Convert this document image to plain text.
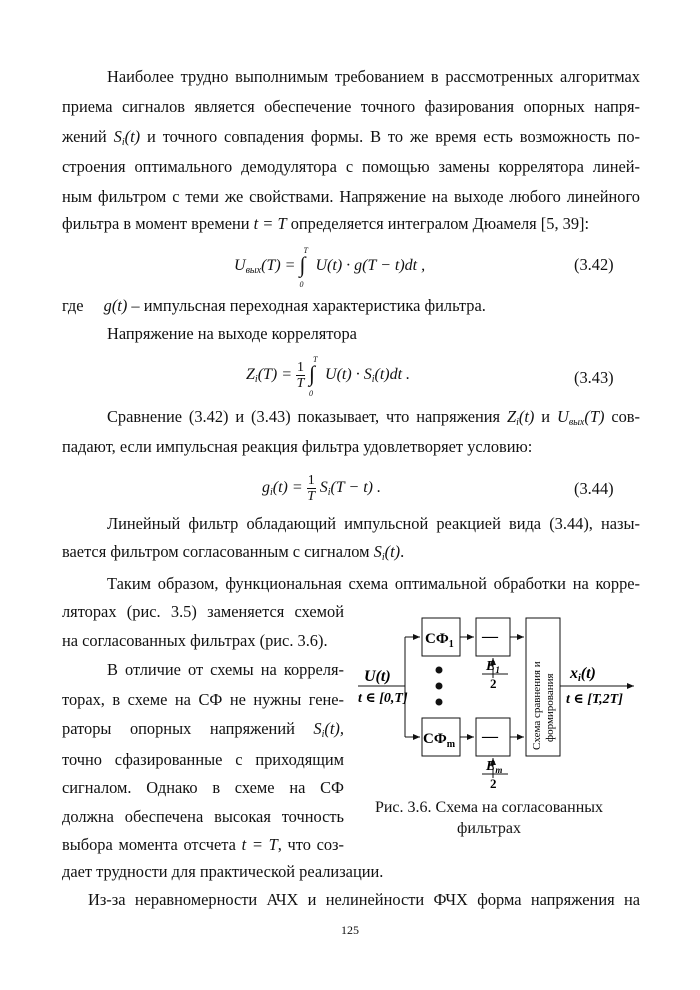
Наиболее трудно выполнимым требованием в рассмотренных алгоритмах
приема сигналов является обеспечение точного фазирования опорных напря-
жений $S_i(t)$ и точного совпадения формы. В то же время есть возможность по-
строения оптимального демодулятора с помощью замены коррелятора линей-
ным фильтром с теми же свойствами. Напряжение на выходе любого линейного
фильтра в момент времени t = T определяется интегралом Дюамеля [5, 39]:
$U_{вых}(T)$ =
T
∫
0
U(t) · g(T − t)dt ,	(3.42)
где g(t) – импульсная переходная характеристика фильтра.
Напряжение на выходе коррелятора
$Z_i(T) = \frac{1}{T}$

T
∫
0
$U(t) \cdot S_i(t)dt$ .	(3.43)
Сравнение (3.42) и (3.43) показывает, что напряжения $Z_i(t)$ и $U_{вых}(T)$ сов-
падают, если импульсная реакция фильтра удовлетворяет условию:
$g_i(t) = \frac{1}{T} S_i(T - t)$ .	(3.44)
Линейный фильтр обладающий импульсной реакцией вида (3.44), назы-
вается фильтром согласованным с сигналом $S_i(t)$.
Таким образом, функциональная схема оптимальной обработки на корре-
ляторах (рис. 3.5) заменяется схемой
на согласованных фильтрах (рис. 3.6).
В отличие от схемы на корреля-
торах, в схеме на СФ не нужны гене-
раторы опорных напряжений $S_i(t)$,
точно сфазированные с приходящим
сигналом. Однако в схеме на СФ
должна обеспечена высокая точность
выбора момента отсчета t = T, что соз-
дает трудности для практической реализации.
Из-за неравномерности АЧХ и нелинейности ФЧХ форма напряжения на
U(t)
t ∈ [0,T]
$СФ_1$ —
$E_1$
2
$СФ_m$ —
$E_m$
2
Схема сравнения и формирования xi(t)
t ∈ [T,2T]
Рис. 3.6. Схема на согласованных
фильтрах
125
